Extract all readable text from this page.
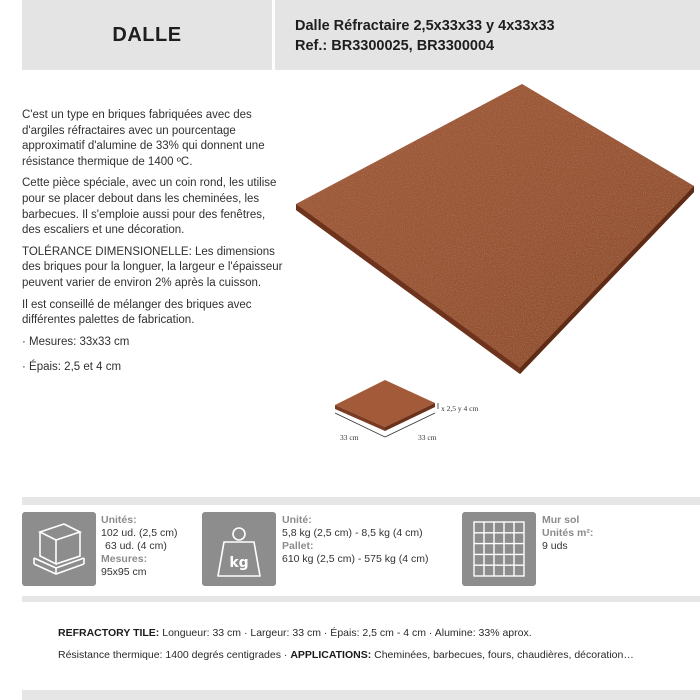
DALLE	Dalle Réfractaire 2,5x33x33 y 4x33x33
Ref.: BR3300025, BR3300004

C'est un type en briques fabriquées avec des d'argiles réfractaires avec un pourcentage approximatif d'alumine de 33% qui donnent une résistance thermique de 1400 ºC.

Cette pièce spéciale, avec un coin rond, les utilise pour se placer debout dans les cheminées, les barbecues. Il s'emploie aussi pour des fenêtres, des escaliers et une décoration.

TOLÉRANCE DIMENSIONELLE: Les dimensions des briques pour la longuer, la largeur e l'épaisseur peuvent varier de environ 2% après la cuisson.

Il est conseillé de mélanger des briques avec différentes palettes de fabrication.

· Mesures: 33x33 cm

· Épais: 2,5 et 4 cm

x 2,5 y 4 cm
33 cm	33 cm
Unités:
102 ud. (2,5 cm)
63 ud. (4 cm)
Mesures:
95x95 cm
kg
Unité:
5,8 kg (2,5 cm) - 8,5 kg (4 cm)
Pallet:
610 kg (2,5 cm) - 575 kg (4 cm)
Mur sol
Unités m²:
9 uds
REFRACTORY TILE: Longueur: 33 cm · Largeur: 33 cm · Épais: 2,5 cm - 4 cm · Alumine: 33% aprox.
Résistance thermique: 1400 degrés centigrades · APPLICATIONS: Cheminées, barbecues, fours, chaudières, décoration…
